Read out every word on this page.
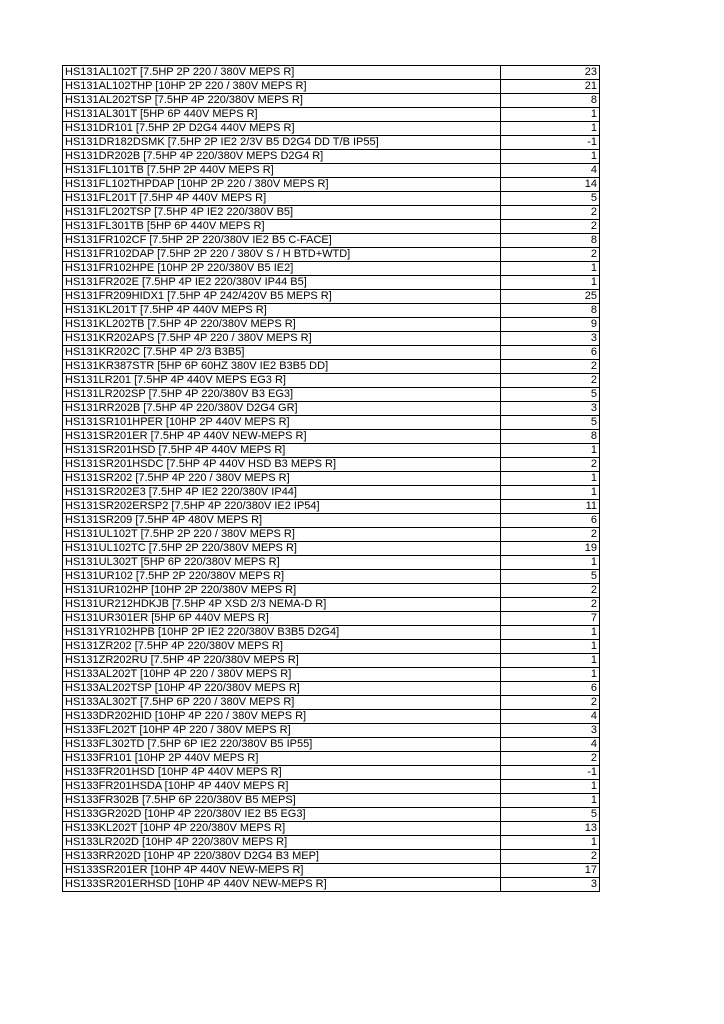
HS131AL102T [7.5HP 2P 220 / 380V MEPS R]	23
HS131AL102THP [10HP 2P 220 / 380V MEPS R]	21
HS131AL202TSP [7.5HP 4P 220/380V MEPS R]	8
HS131AL301T [5HP 6P 440V MEPS R]	1
HS131DR101 [7.5HP 2P D2G4 440V MEPS R]	1
HS131DR182DSMK [7.5HP 2P IE2 2/3V B5 D2G4 DD T/B IP55]	-1
HS131DR202B [7.5HP 4P 220/380V MEPS D2G4 R]	1
HS131FL101TB [7.5HP 2P 440V MEPS R]	4
HS131FL102THPDAP [10HP 2P 220 / 380V MEPS R]	14
HS131FL201T [7.5HP 4P 440V MEPS R]	5
HS131FL202TSP [7.5HP 4P IE2 220/380V B5]	2
HS131FL301TB [5HP 6P 440V MEPS R]	2
HS131FR102CF [7.5HP 2P 220/380V IE2 B5 C-FACE]	8
HS131FR102DAP [7.5HP 2P 220 / 380V S / H BTD+WTD]	2
HS131FR102HPE [10HP 2P 220/380V B5 IE2]	1
HS131FR202E [7.5HP 4P IE2 220/380V IP44 B5]	1
HS131FR209HIDX1 [7.5HP 4P 242/420V B5 MEPS R]	25
HS131KL201T [7.5HP 4P 440V MEPS R]	8
HS131KL202TB [7.5HP 4P 220/380V MEPS R]	9
HS131KR202APS [7.5HP 4P 220 / 380V MEPS R]	3
HS131KR202C [7.5HP 4P 2/3 B3B5]	6
HS131KR387STR [5HP 6P 60HZ 380V IE2 B3B5 DD]	2
HS131LR201 [7.5HP 4P 440V MEPS EG3 R]	2
HS131LR202SP [7.5HP 4P 220/380V B3 EG3]	5
HS131RR202B [7.5HP 4P 220/380V D2G4 GR]	3
HS131SR101HPER [10HP 2P 440V MEPS R]	5
HS131SR201ER [7.5HP 4P 440V NEW-MEPS R]	8
HS131SR201HSD [7.5HP 4P 440V MEPS R]	1
HS131SR201HSDC [7.5HP 4P 440V HSD B3 MEPS R]	2
HS131SR202 [7.5HP 4P 220 / 380V MEPS R]	1
HS131SR202E3 [7.5HP 4P IE2 220/380V IP44]	1
HS131SR202ERSP2 [7.5HP 4P 220/380V IE2 IP54]	11
HS131SR209 [7.5HP 4P 480V MEPS R]	6
HS131UL102T [7.5HP 2P 220 / 380V MEPS R]	2
HS131UL102TC [7.5HP 2P 220/380V MEPS R]	19
HS131UL302T [5HP 6P 220/380V MEPS R]	1
HS131UR102 [7.5HP 2P 220/380V MEPS R]	5
HS131UR102HP [10HP 2P 220/380V MEPS R]	2
HS131UR212HDKJB [7.5HP 4P XSD 2/3 NEMA-D R]	2
HS131UR301ER [5HP 6P 440V MEPS R]	7
HS131YR102HPB [10HP 2P IE2 220/380V B3B5 D2G4]	1
HS131ZR202 [7.5HP 4P 220/380V MEPS R]	1
HS131ZR202RU [7.5HP 4P 220/380V MEPS R]	1
HS133AL202T [10HP 4P 220 / 380V MEPS R]	1
HS133AL202TSP [10HP 4P 220/380V MEPS R]	6
HS133AL302T [7.5HP 6P 220 / 380V MEPS R]	2
HS133DR202HID [10HP 4P 220 / 380V MEPS R]	4
HS133FL202T [10HP 4P 220 / 380V MEPS R]	3
HS133FL302TD [7.5HP 6P IE2 220/380V B5 IP55]	4
HS133FR101 [10HP 2P 440V MEPS R]	2
HS133FR201HSD [10HP 4P 440V MEPS R]	-1
HS133FR201HSDA [10HP 4P 440V MEPS R]	1
HS133FR302B [7.5HP 6P 220/380V B5 MEPS]	1
HS133GR202D [10HP 4P 220/380V IE2 B5 EG3]	5
HS133KL202T [10HP 4P 220/380V MEPS R]	13
HS133LR202D [10HP 4P 220/380V MEPS R]	1
HS133RR202D [10HP 4P 220/380V D2G4 B3 MEP]	2
HS133SR201ER [10HP 4P 440V NEW-MEPS R]	17
HS133SR201ERHSD [10HP 4P 440V NEW-MEPS R]	3
